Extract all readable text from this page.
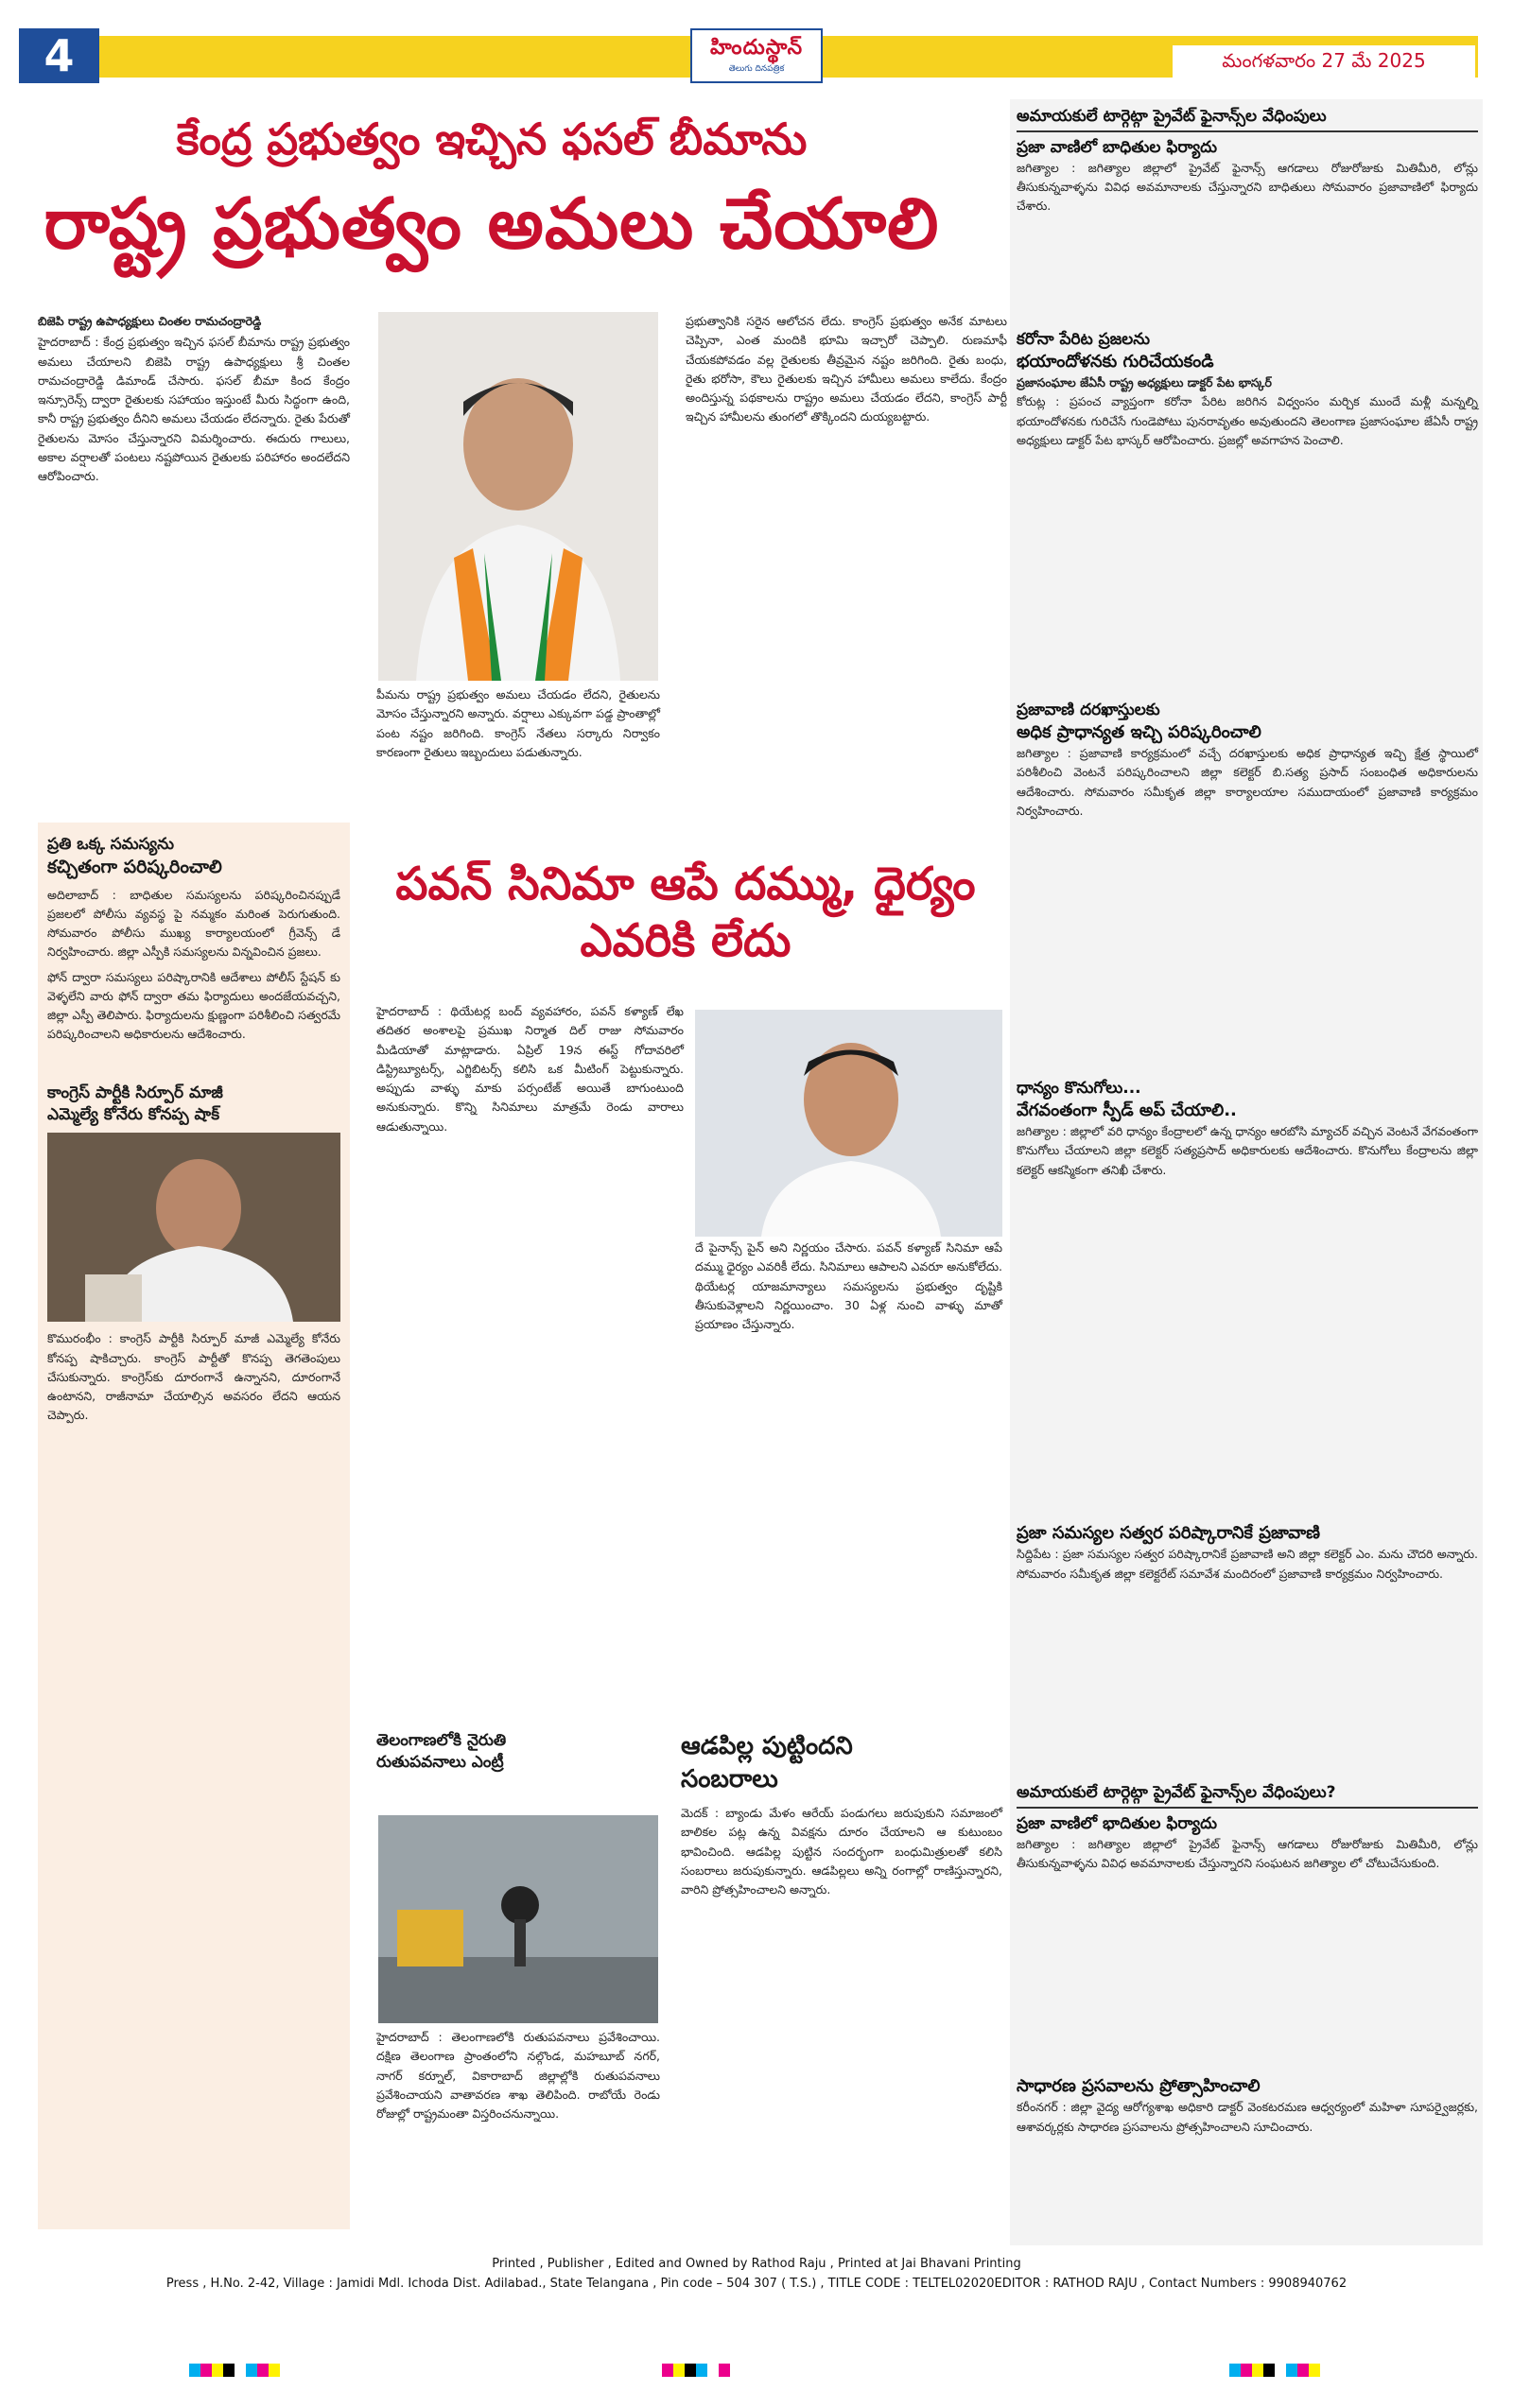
4	హిందుస్థాన్
తెలుగు దినపత్రిక	మంగళవారం 27 మే 2025
కేంద్ర ప్రభుత్వం ఇచ్చిన ఫసల్ బీమాను
రాష్ట్ర ప్రభుత్వం అమలు చేయాలి

బిజెపి రాష్ట్ర ఉపాధ్యక్షులు చింతల రామచంద్రారెడ్డి

హైదరాబాద్ : కేంద్ర ప్రభుత్వం ఇచ్చిన ఫసల్ బీమాను రాష్ట్ర ప్రభుత్వం అమలు చేయాలని బిజెపి రాష్ట్ర ఉపాధ్యక్షులు శ్రీ చింతల రామచంద్రారెడ్డి డిమాండ్ చేసారు. ఫసల్ బీమా కింద కేంద్రం ఇన్సూరెన్స్ ద్వారా రైతులకు సహాయం ఇస్తుంటే మీరు సిద్ధంగా ఉంది, కానీ రాష్ట్ర ప్రభుత్వం దీనిని అమలు చేయడం లేదన్నారు. రైతు పేరుతో రైతులను మోసం చేస్తున్నారని విమర్శించారు. ఈదురు గాలులు, అకాల వర్షాలతో పంటలు నష్టపోయిన రైతులకు పరిహారం అందలేదని ఆరోపించారు.

పీమను రాష్ట్ర ప్రభుత్వం అమలు చేయడం లేదని, రైతులను మోసం చేస్తున్నారని అన్నారు. వర్షాలు ఎక్కువగా పడ్డ ప్రాంతాల్లో పంట నష్టం జరిగింది. కాంగ్రెస్ నేతలు సర్కారు నిర్వాకం కారణంగా రైతులు ఇబ్బందులు పడుతున్నారు.

ప్రభుత్వానికి సరైన ఆలోచన లేదు. కాంగ్రెస్ ప్రభుత్వం అనేక మాటలు చెప్పినా, ఎంత మందికి భూమి ఇచ్చారో చెప్పాలి. రుణమాఫీ చేయకపోవడం వల్ల రైతులకు తీవ్రమైన నష్టం జరిగింది. రైతు బంధు, రైతు భరోసా, కౌలు రైతులకు ఇచ్చిన హామీలు అమలు కాలేదు. కేంద్రం అందిస్తున్న పథకాలను రాష్ట్రం అమలు చేయడం లేదని, కాంగ్రెస్ పార్టీ ఇచ్చిన హామీలను తుంగలో తొక్కిందని దుయ్యబట్టారు.

అమాయకులే టార్గెట్గా ప్రైవేట్ ఫైనాన్స్‌ల వేధింపులు
ప్రజా వాణిలో బాధితుల ఫిర్యాదు
జగిత్యాల : జగిత్యాల జిల్లాలో ప్రైవేట్ ఫైనాన్స్ ఆగడాలు రోజురోజుకు మితిమీరి, లోన్లు తీసుకున్నవాళ్ళను వివిధ అవమానాలకు చేస్తున్నారని బాధితులు సోమవారం ప్రజావాణిలో ఫిర్యాదు చేశారు.
కరోనా పేరిట ప్రజలను
భయాందోళనకు గురిచేయకండి
ప్రజాసంఘాల జేఏసీ రాష్ట్ర అధ్యక్షులు డాక్టర్ పేట భాస్కర్
కోరుట్ల : ప్రపంచ వ్యాప్తంగా కరోనా పేరిట జరిగిన విధ్వంసం మర్చిక ముందే మళ్లీ మన్నల్ని భయాందోళనకు గురిచేసే గుండెపోటు పునరావృతం అవుతుందని తెలంగాణ ప్రజాసంఘాల జేఏసీ రాష్ట్ర అధ్యక్షులు డాక్టర్ పేట భాస్కర్ ఆరోపించారు. ప్రజల్లో అవగాహన పెంచాలి.
ప్రజావాణి దరఖాస్తులకు
అధిక ప్రాధాన్యత ఇచ్చి పరిష్కరించాలి
జగిత్యాల : ప్రజావాణి కార్యక్రమంలో వచ్చే దరఖాస్తులకు అధిక ప్రాధాన్యత ఇచ్చి క్షేత్ర స్థాయిలో పరిశీలించి వెంటనే పరిష్కరించాలని జిల్లా కలెక్టర్ బి.సత్య ప్రసాద్ సంబంధిత అధికారులను ఆదేశించారు. సోమవారం సమీకృత జిల్లా కార్యాలయాల సముదాయంలో ప్రజావాణి కార్యక్రమం నిర్వహించారు.
ధాన్యం కొనుగోలు...
వేగవంతంగా స్పీడ్ అప్ చేయాలి..
జగిత్యాల : జిల్లాలో వరి ధాన్యం కేంద్రాలలో ఉన్న ధాన్యం ఆరబోసి మ్యాచర్ వచ్చిన వెంటనే వేగవంతంగా కొనుగోలు చేయాలని జిల్లా కలెక్టర్ సత్యప్రసాద్ అధికారులకు ఆదేశించారు. కొనుగోలు కేంద్రాలను జిల్లా కలెక్టర్ ఆకస్మికంగా తనిఖీ చేశారు.
ప్రజా సమస్యల సత్వర పరిష్కారానికే ప్రజావాణి
సిద్దిపేట : ప్రజా సమస్యల సత్వర పరిష్కారానికే ప్రజావాణి అని జిల్లా కలెక్టర్ ఎం. మను చౌదరి అన్నారు. సోమవారం సమీకృత జిల్లా కలెక్టరేట్ సమావేశ మందిరంలో ప్రజావాణి కార్యక్రమం నిర్వహించారు.
అమాయకులే టార్గెట్గా ప్రైవేట్ ఫైనాన్స్‌ల వేధింపులు?
ప్రజా వాణిలో భాదితుల ఫిర్యాదు
జగిత్యాల : జగిత్యాల జిల్లాలో ప్రైవేట్ ఫైనాన్స్ ఆగడాలు రోజురోజుకు మితిమీరి, లోన్లు తీసుకున్నవాళ్ళను వివిధ అవమానాలకు చేస్తున్నారని సంఘటన జగిత్యాల లో చోటుచేసుకుంది.
సాధారణ ప్రసవాలను ప్రోత్సాహించాలి
కరీంనగర్ : జిల్లా వైద్య ఆరోగ్యశాఖ అధికారి డాక్టర్ వెంకటరమణ ఆధ్వర్యంలో మహిళా సూపర్వైజర్లకు, ఆశావర్కర్లకు సాధారణ ప్రసవాలను ప్రోత్సహించాలని సూచించారు.
ప్రతి ఒక్క సమస్యను
కచ్చితంగా పరిష్కరించాలి
అదిలాబాద్ : బాధితుల సమస్యలను పరిష్కరించినప్పుడే ప్రజలలో పోలీసు వ్యవస్థ పై నమ్మకం మరింత పెరుగుతుంది. సోమవారం పోలీసు ముఖ్య కార్యాలయంలో గ్రీవెన్స్ డే నిర్వహించారు. జిల్లా ఎస్పీకి సమస్యలను విన్నవించిన ప్రజలు.
ఫోన్ ద్వారా సమస్యలు పరిష్కారానికి ఆదేశాలు పోలీస్ స్టేషన్ కు వెళ్ళలేని వారు ఫోన్ ద్వారా తమ ఫిర్యాదులు అందజేయవచ్చని, జిల్లా ఎస్పీ తెలిపారు. ఫిర్యాదులను క్షుణ్ణంగా పరిశీలించి సత్వరమే పరిష్కరించాలని అధికారులను ఆదేశించారు.
కాంగ్రెస్ పార్టీకి సిర్పూర్ మాజీ
ఎమ్మెల్యే కోనేరు కోనప్ప షాక్
కొమురంభీం : కాంగ్రెస్ పార్టీకి సిర్పూర్ మాజీ ఎమ్మెల్యే కోనేరు కోనప్ప షాకిచ్చారు. కాంగ్రెస్ పార్టీతో కొనప్ప తెగతెంపులు చేసుకున్నారు. కాంగ్రెస్‌కు దూరంగానే ఉన్నానని, దూరంగానే ఉంటానని, రాజీనామా చేయాల్సిన అవసరం లేదని ఆయన చెప్పారు.
పవన్ సినిమా ఆపే దమ్ము, ధైర్యం ఎవరికి లేదు

హైదరాబాద్ : థియేటర్ల బంద్ వ్యవహారం, పవన్ కళ్యాణ్ లేఖ తదితర అంశాలపై ప్రముఖ నిర్మాత దిల్ రాజు సోమవారం మీడియాతో మాట్లాడారు. ఏప్రిల్ 19న ఈస్ట్ గోదావరిలో డిస్ట్రిబ్యూటర్స్, ఎగ్జిబిటర్స్ కలిసి ఒక మీటింగ్ పెట్టుకున్నారు. అప్పుడు వాళ్ళు మాకు పర్సంటేజ్ అయితే బాగుంటుంది అనుకున్నారు. కొన్ని సినిమాలు మాత్రమే రెండు వారాలు ఆడుతున్నాయి.

దే పైనాన్స్ పైన్ అని నిర్ణయం చేసారు. పవన్ కళ్యాణ్ సినిమా ఆపే దమ్ము ధైర్యం ఎవరికీ లేదు. సినిమాలు ఆపాలని ఎవరూ అనుకోలేదు. థియేటర్ల యాజమాన్యాలు సమస్యలను ప్రభుత్వం దృష్టికి తీసుకువెళ్లాలని నిర్ణయించాం. 30 ఏళ్ల నుంచి వాళ్ళు మాతో ప్రయాణం చేస్తున్నారు.

తెలంగాణలోకి నైరుతి
రుతుపవనాలు ఎంట్రీ
హైదరాబాద్ : తెలంగాణలోకి రుతుపవనాలు ప్రవేశించాయి. దక్షిణ తెలంగాణ ప్రాంతంలోని నల్గొండ, మహబూబ్ నగర్, నాగర్ కర్నూల్, వికారాబాద్ జిల్లాల్లోకి రుతుపవనాలు ప్రవేశించాయని వాతావరణ శాఖ తెలిపింది. రాబోయే రెండు రోజుల్లో రాష్ట్రమంతా విస్తరించనున్నాయి.
ఆడపిల్ల పుట్టిందని
సంబరాలు
మెదక్ : బ్యాండు మేళం ఆరేయ్ పండుగలు జరుపుకుని సమాజంలో బాలికల పట్ల ఉన్న వివక్షను దూరం చేయాలని ఆ కుటుంబం భావించింది. ఆడపిల్ల పుట్టిన సందర్భంగా బంధుమిత్రులతో కలిసి సంబరాలు జరుపుకున్నారు. ఆడపిల్లలు అన్ని రంగాల్లో రాణిస్తున్నారని, వారిని ప్రోత్సహించాలని అన్నారు.
Printed , Publisher , Edited and Owned by Rathod Raju , Printed at Jai Bhavani Printing
Press , H.No. 2-42, Village : Jamidi Mdl. Ichoda Dist. Adilabad., State Telangana , Pin code – 504 307 ( T.S.) , TITLE CODE : TELTEL02020EDITOR : RATHOD RAJU , Contact Numbers : 9908940762
